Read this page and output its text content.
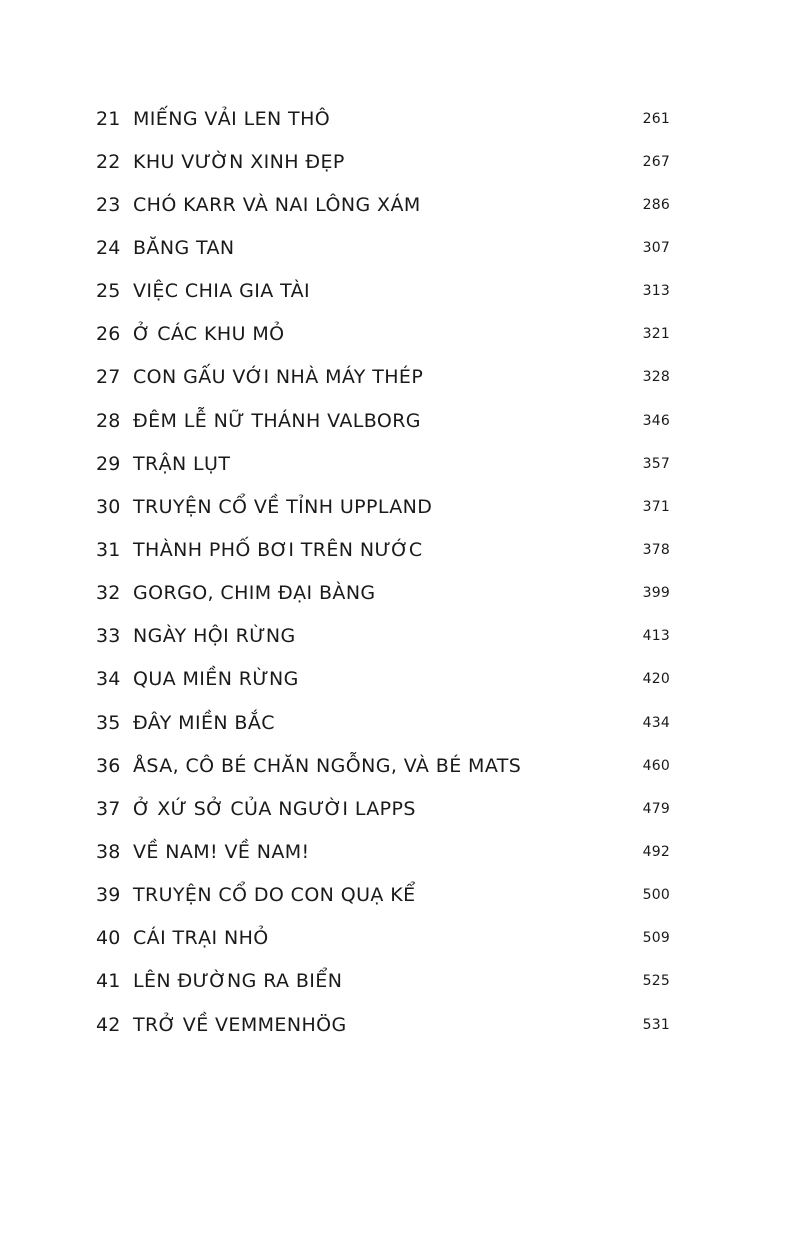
21 MIẾNG VẢI LEN THÔ	261
22 KHU VƯỜN XINH ĐẸP	267
23 CHÓ KARR VÀ NAI LÔNG XÁM	286
24 BĂNG TAN	307
25 VIỆC CHIA GIA TÀI	313
26 Ở CÁC KHU MỎ	321
27 CON GẤU VỚI NHÀ MÁY THÉP	328
28 ĐÊM LỄ NỮ THÁNH VALBORG	346
29 TRẬN LỤT	357
30 TRUYỆN CỔ VỀ TỈNH UPPLAND	371
31 THÀNH PHỐ BƠI TRÊN NƯỚC	378
32 GORGO, CHIM ĐẠI BÀNG	399
33 NGÀY HỘI RỪNG	413
34 QUA MIỀN RỪNG	420
35 ĐÂY MIỀN BẮC	434
36 ÅSA, CÔ BÉ CHĂN NGỖNG, VÀ BÉ MATS	460
37 Ở XỨ SỞ CỦA NGƯỜI LAPPS	479
38 VỀ NAM! VỀ NAM!	492
39 TRUYỆN CỔ DO CON QUẠ KỂ	500
40 CÁI TRẠI NHỎ	509
41 LÊN ĐƯỜNG RA BIỂN	525
42 TRỞ VỀ VEMMENHÖG	531
